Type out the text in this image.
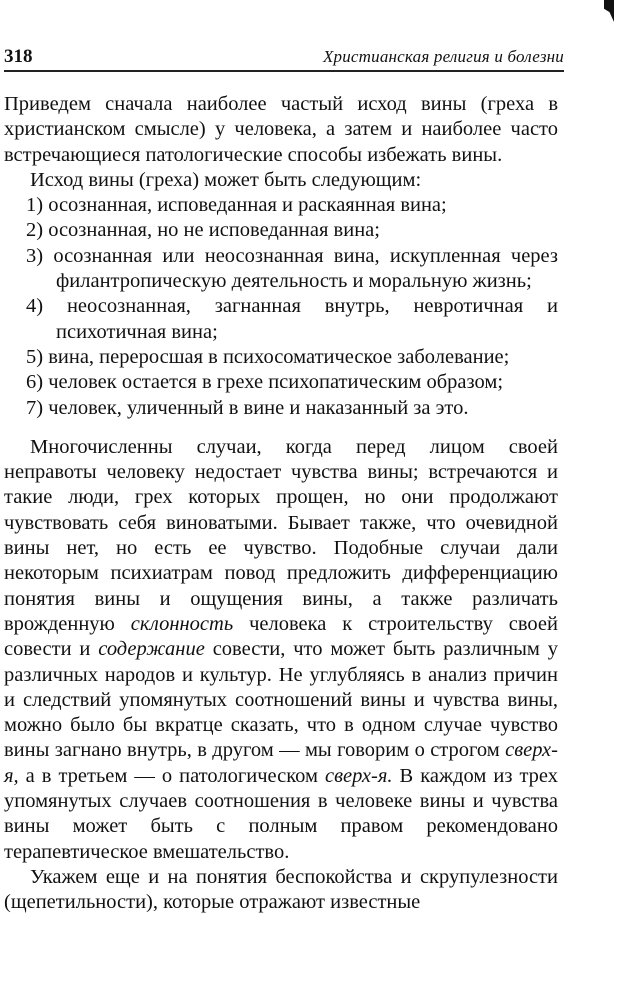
318	Христианская религия и болезни

Приведем сначала наиболее частый исход вины (греха в христианском смысле) у человека, а затем и наиболее часто встречающиеся патологические способы избежать вины.

Исход вины (греха) может быть следующим:

1) осознанная, исповеданная и раскаянная вина;
2) осознанная, но не исповеданная вина;
3) осознанная или неосознанная вина, искупленная через филантропическую деятельность и моральную жизнь;
4) неосознанная, загнанная внутрь, невротичная и психотичная вина;
5) вина, переросшая в психосоматическое заболевание;
6) человек остается в грехе психопатическим образом;
7) человек, уличенный в вине и наказанный за это.

Многочисленны случаи, когда перед лицом своей неправоты человеку недостает чувства вины; встречаются и такие люди, грех которых прощен, но они продолжают чувствовать себя виноватыми. Бывает также, что очевидной вины нет, но есть ее чувство. Подобные случаи дали некоторым психиатрам повод предложить дифференциацию понятия вины и ощущения вины, а также различать врожденную склонность человека к строительству своей совести и содержание совести, что может быть различным у различных народов и культур. Не углубляясь в анализ причин и следствий упомянутых соотношений вины и чувства вины, можно было бы вкратце сказать, что в одном случае чувство вины загнано внутрь, в другом — мы говорим о строгом сверх-я, а в третьем — о патологическом сверх-я. В каждом из трех упомянутых случаев соотношения в человеке вины и чувства вины может быть с полным правом рекомендовано терапевтическое вмешательство.

Укажем еще и на понятия беспокойства и скрупулезности (щепетильности), которые отражают известные
